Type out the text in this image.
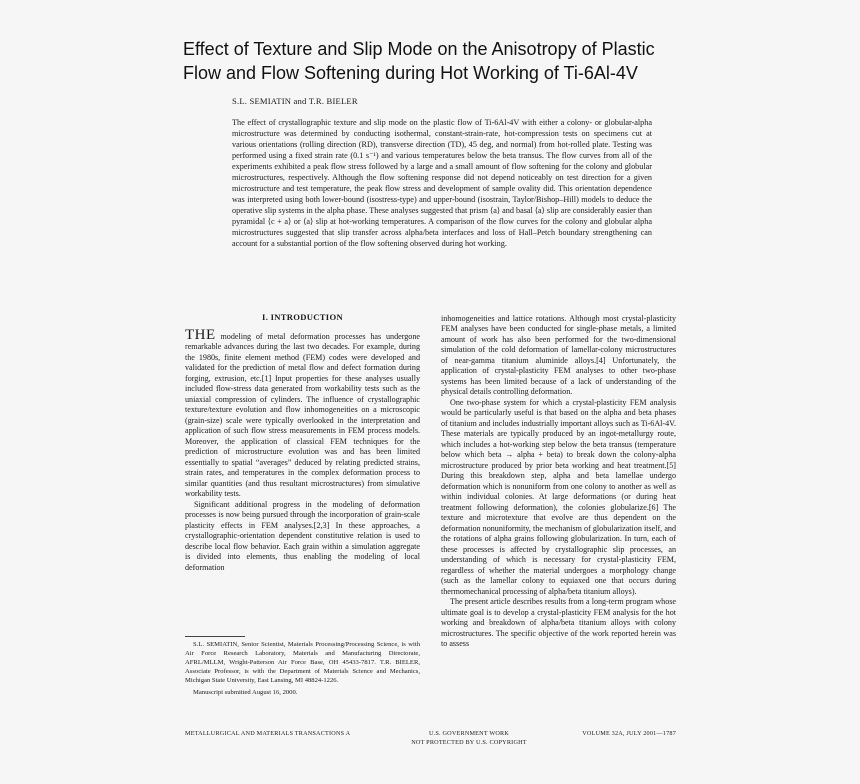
Effect of Texture and Slip Mode on the Anisotropy of Plastic
Flow and Flow Softening during Hot Working of Ti-6Al-4V
S.L. SEMIATIN and T.R. BIELER

The effect of crystallographic texture and slip mode on the plastic flow of Ti-6Al-4V with either a colony- or globular-alpha microstructure was determined by conducting isothermal, constant-strain-rate, hot-compression tests on specimens cut at various orientations (rolling direction (RD), transverse direction (TD), 45 deg, and normal) from hot-rolled plate. Testing was performed using a fixed strain rate (0.1 s⁻¹) and various temperatures below the beta transus. The flow curves from all of the experiments exhibited a peak flow stress followed by a large and a small amount of flow softening for the colony and globular microstructures, respectively. Although the flow softening response did not depend noticeably on test direction for a given microstructure and test temperature, the peak flow stress and development of sample ovality did. This orientation dependence was interpreted using both lower-bound (isostress-type) and upper-bound (isostrain, Taylor/Bishop–Hill) models to deduce the operative slip systems in the alpha phase. These analyses suggested that prism ⟨a⟩ and basal ⟨a⟩ slip are considerably easier than pyramidal ⟨c + a⟩ or ⟨a⟩ slip at hot-working temperatures. A comparison of the flow curves for the colony and globular alpha microstructures suggested that slip transfer across alpha/beta interfaces and loss of Hall–Petch boundary strengthening can account for a substantial portion of the flow softening observed during hot working.

I. INTRODUCTION

THE modeling of metal deformation processes has undergone remarkable advances during the last two decades. For example, during the 1980s, finite element method (FEM) codes were developed and validated for the prediction of metal flow and defect formation during forging, extrusion, etc.[1] Input properties for these analyses usually included flow-stress data generated from workability tests such as the uniaxial compression of cylinders. The influence of crystallographic texture/texture evolution and flow inhomogeneities on a microscopic (grain-size) scale were typically overlooked in the interpretation and application of such flow stress measurements in FEM process models. Moreover, the application of classical FEM techniques for the prediction of microstructure evolution was and has been limited essentially to spatial “averages” deduced by relating predicted strains, strain rates, and temperatures in the complex deformation process to similar quantities (and thus resultant microstructures) from simulative workability tests.

Significant additional progress in the modeling of deformation processes is now being pursued through the incorporation of grain-scale plasticity effects in FEM analyses.[2,3] In these approaches, a crystallographic-orientation dependent constitutive relation is used to describe local flow behavior. Each grain within a simulation aggregate is divided into elements, thus enabling the modeling of local deformation

inhomogeneities and lattice rotations. Although most crystal-plasticity FEM analyses have been conducted for single-phase metals, a limited amount of work has also been performed for the two-dimensional simulation of the cold deformation of lamellar-colony microstructures of near-gamma titanium aluminide alloys.[4] Unfortunately, the application of crystal-plasticity FEM analyses to other two-phase systems has been limited because of a lack of understanding of the physical details controlling deformation.

One two-phase system for which a crystal-plasticity FEM analysis would be particularly useful is that based on the alpha and beta phases of titanium and includes industrially important alloys such as Ti-6Al-4V. These materials are typically produced by an ingot-metallurgy route, which includes a hot-working step below the beta transus (temperature below which beta → alpha + beta) to break down the colony-alpha microstructure produced by prior beta working and heat treatment.[5] During this breakdown step, alpha and beta lamellae undergo deformation which is nonuniform from one colony to another as well as within individual colonies. At large deformations (or during heat treatment following deformation), the colonies globularize.[6] The texture and microtexture that evolve are thus dependent on the deformation nonuniformity, the mechanism of globularization itself, and the rotations of alpha grains following globularization. In turn, each of these processes is affected by crystallographic slip processes, an understanding of which is necessary for crystal-plasticity FEM, regardless of whether the material undergoes a morphology change (such as the lamellar colony to equiaxed one that occurs during thermomechanical processing of alpha/beta titanium alloys).

The present article describes results from a long-term program whose ultimate goal is to develop a crystal-plasticity FEM analysis for the hot working and breakdown of alpha/beta titanium alloys with colony microstructures. The specific objective of the work reported herein was to assess

S.L. SEMIATIN, Senior Scientist, Materials Processing/Processing Science, is with Air Force Research Laboratory, Materials and Manufacturing Directorate, AFRL/MLLM, Wright-Patterson Air Force Base, OH 45433-7817. T.R. BIELER, Associate Professor, is with the Department of Materials Science and Mechanics, Michigan State University, East Lansing, MI 48824-1226.

Manuscript submitted August 16, 2000.

METALLURGICAL AND MATERIALS TRANSACTIONS A	U.S. GOVERNMENT WORK
NOT PROTECTED BY U.S. COPYRIGHT
VOLUME 32A, JULY 2001—1787
